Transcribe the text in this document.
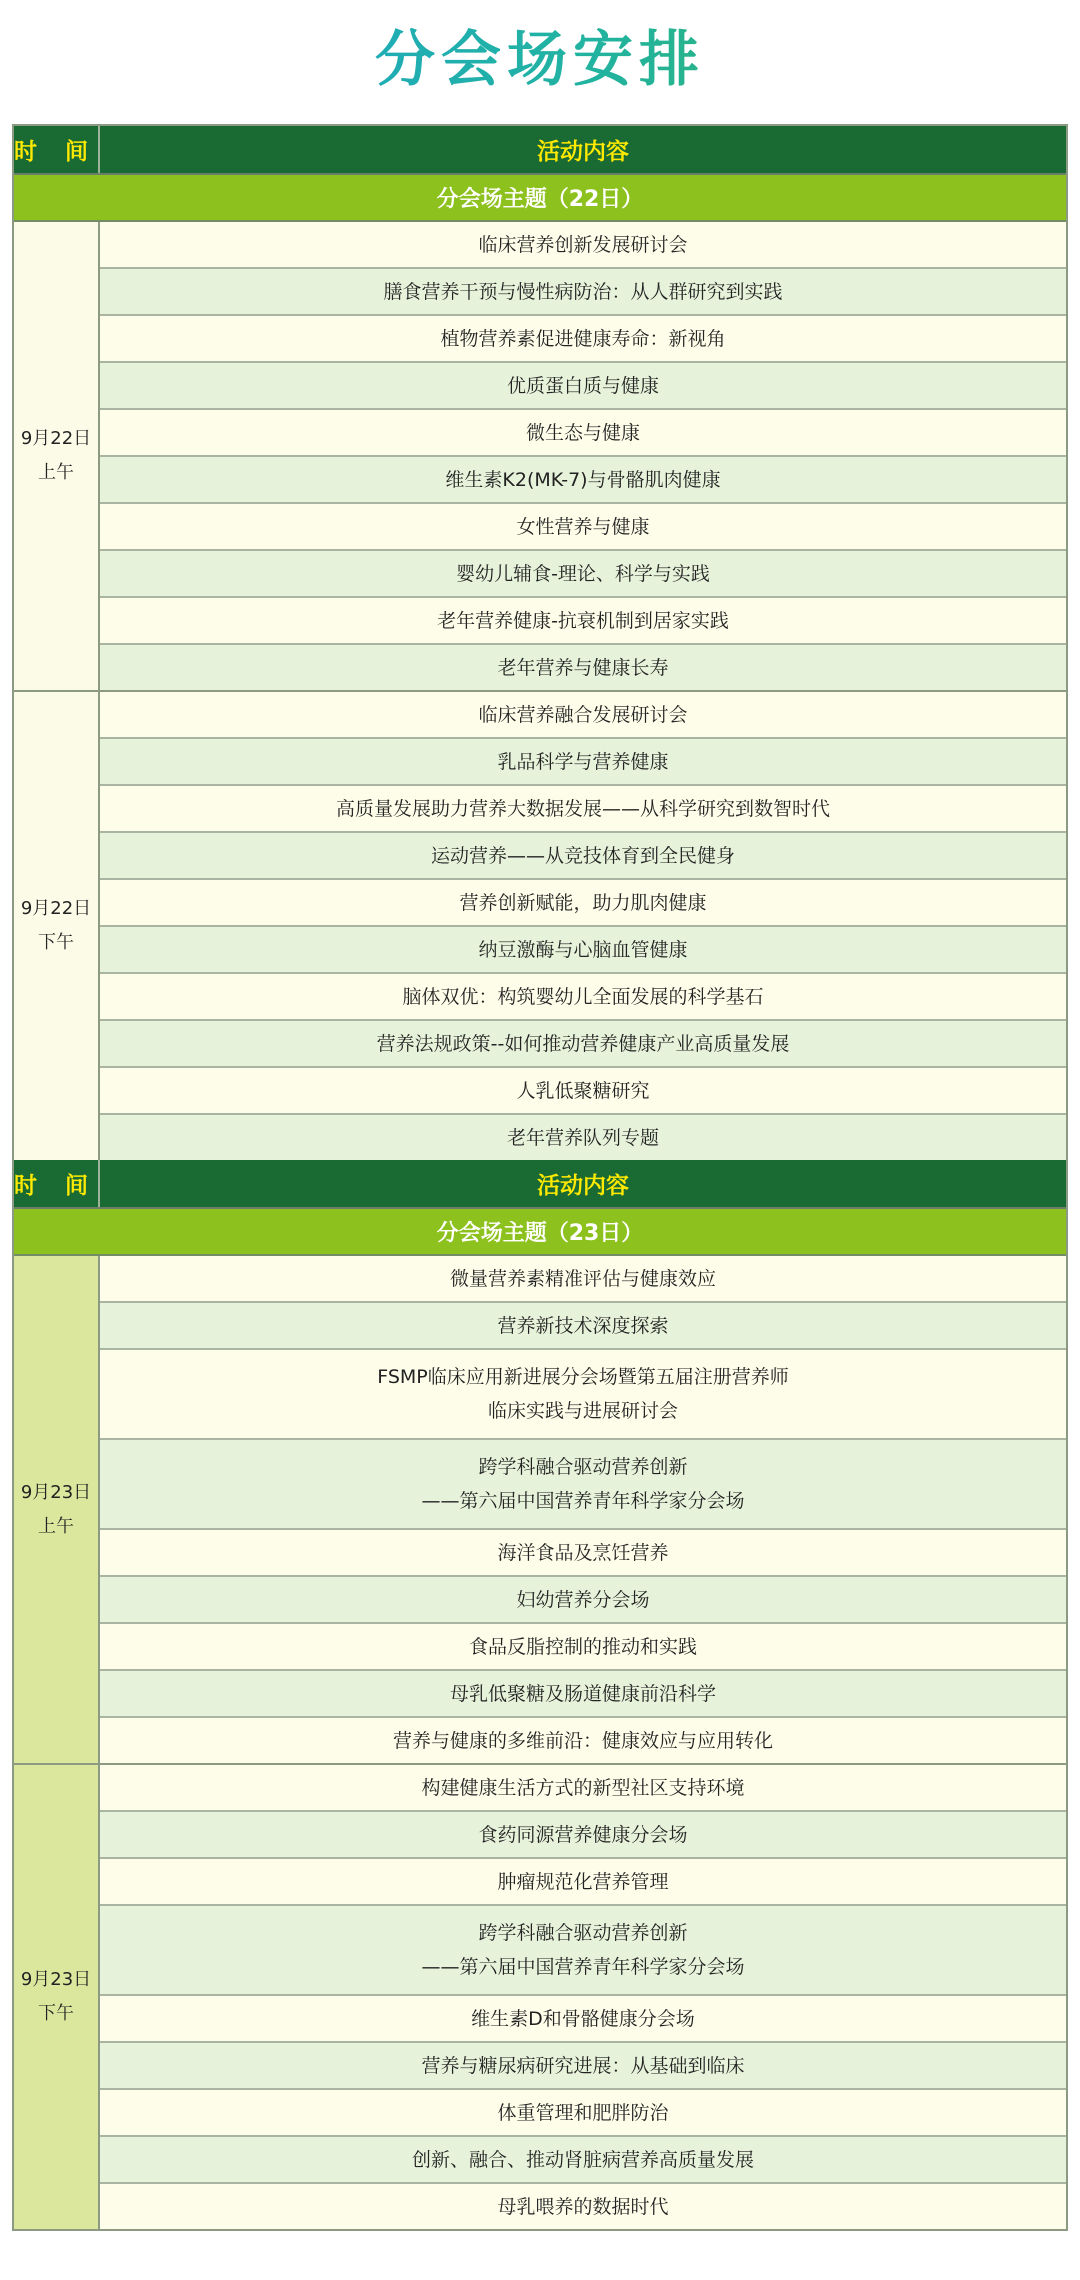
分会场安排
时 间	活动内容
分会场主题（22日）
9月22日
上午
临床营养创新发展研讨会
膳食营养干预与慢性病防治：从人群研究到实践
植物营养素促进健康寿命：新视角
优质蛋白质与健康
微生态与健康
维生素K2(MK-7)与骨骼肌肉健康
女性营养与健康
婴幼儿辅食-理论、科学与实践
老年营养健康-抗衰机制到居家实践
老年营养与健康长寿
9月22日
下午
临床营养融合发展研讨会
乳品科学与营养健康
高质量发展助力营养大数据发展——从科学研究到数智时代
运动营养——从竞技体育到全民健身
营养创新赋能，助力肌肉健康
纳豆激酶与心脑血管健康
脑体双优：构筑婴幼儿全面发展的科学基石
营养法规政策--如何推动营养健康产业高质量发展
人乳低聚糖研究
老年营养队列专题
时 间	活动内容
分会场主题（23日）
9月23日
上午
微量营养素精准评估与健康效应
营养新技术深度探索
FSMP临床应用新进展分会场暨第五届注册营养师
临床实践与进展研讨会
跨学科融合驱动营养创新
——第六届中国营养青年科学家分会场
海洋食品及烹饪营养
妇幼营养分会场
食品反脂控制的推动和实践
母乳低聚糖及肠道健康前沿科学
营养与健康的多维前沿：健康效应与应用转化
9月23日
下午
构建健康生活方式的新型社区支持环境
食药同源营养健康分会场
肿瘤规范化营养管理
跨学科融合驱动营养创新
——第六届中国营养青年科学家分会场
维生素D和骨骼健康分会场
营养与糖尿病研究进展：从基础到临床
体重管理和肥胖防治
创新、融合、推动肾脏病营养高质量发展
母乳喂养的数据时代
